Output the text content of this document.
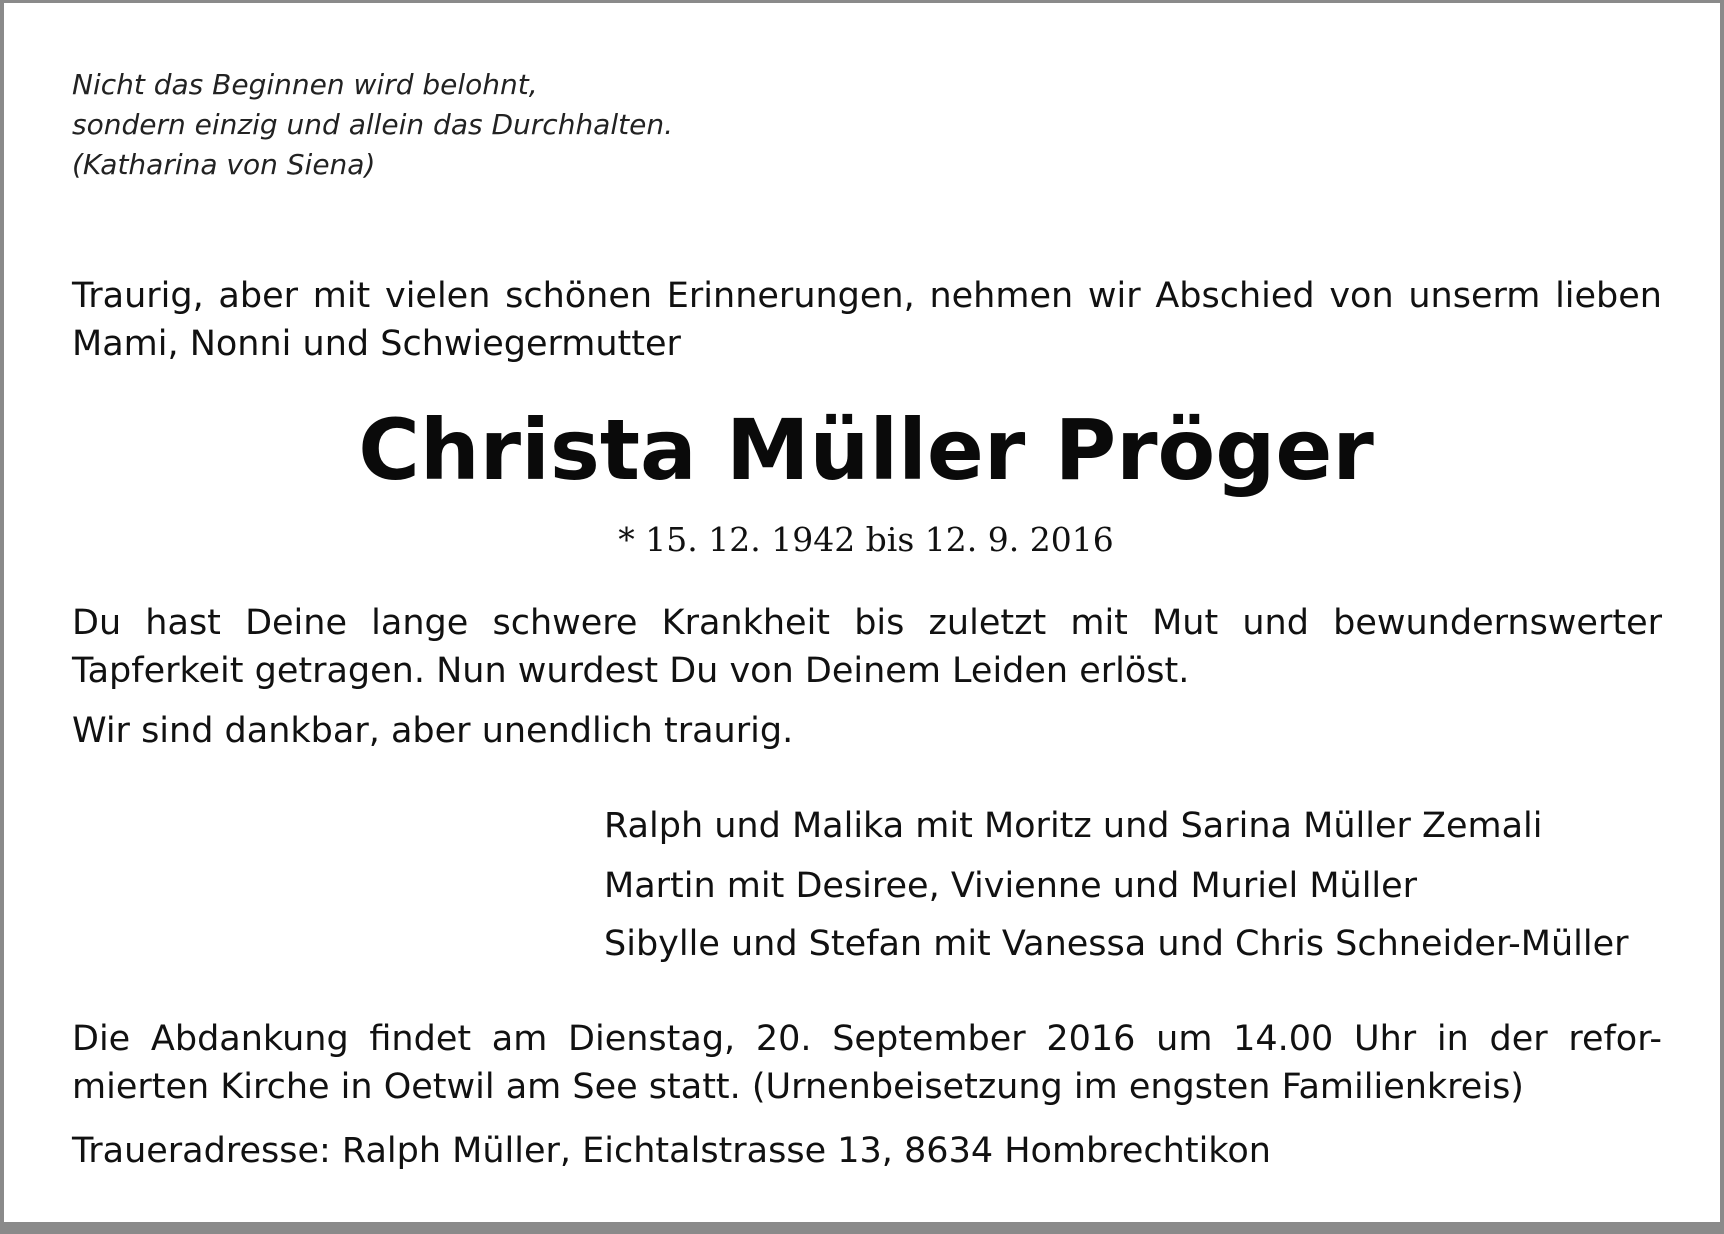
Nicht das Beginnen wird belohnt,

sondern einzig und allein das Durchhalten.

(Katharina von Siena)

Traurig, aber mit vielen schönen Erinnerungen, nehmen wir Abschied von unserm lieben

Mami, Nonni und Schwiegermutter

Christa Müller Pröger

* 15. 12. 1942 bis 12. 9. 2016

Du hast Deine lange schwere Krankheit bis zuletzt mit Mut und bewundernswerter

Tapferkeit getragen. Nun wurdest Du von Deinem Leiden erlöst.

Wir sind dankbar, aber unendlich traurig.

Ralph und Malika mit Moritz und Sarina Müller Zemali

Martin mit Desiree, Vivienne und Muriel Müller

Sibylle und Stefan mit Vanessa und Chris Schneider-Müller

Die Abdankung findet am Dienstag, 20. September 2016 um 14.00 Uhr in der refor-

mierten Kirche in Oetwil am See statt. (Urnenbeisetzung im engsten Familienkreis)

Traueradresse: Ralph Müller, Eichtalstrasse 13, 8634 Hombrechtikon
